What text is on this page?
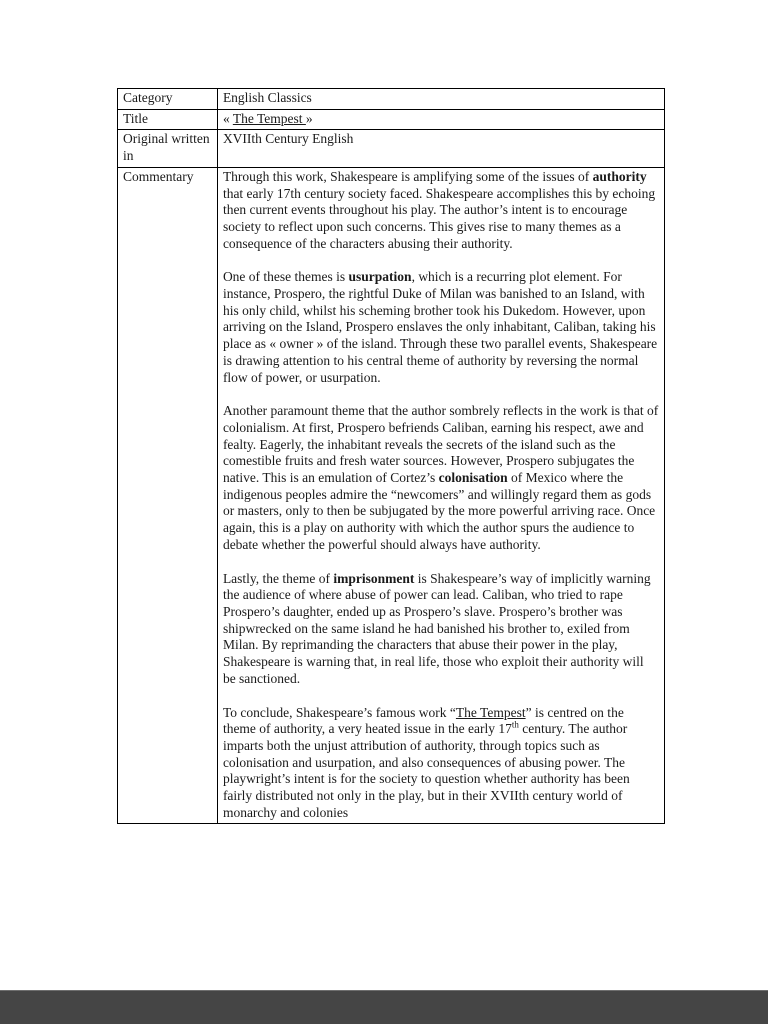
Category	English Classics
Title	« The Tempest »
Original written in	XVIIth Century English
Commentary	Through this work, Shakespeare is amplifying some of the issues of authority that early 17th century society faced. Shakespeare accomplishes this by echoing then current events throughout his play. The author’s intent is to encourage society to reflect upon such concerns. This gives rise to many themes as a consequence of the characters abusing their authority.

One of these themes is usurpation, which is a recurring plot element. For instance, Prospero, the rightful Duke of Milan was banished to an Island, with his only child, whilst his scheming brother took his Dukedom. However, upon arriving on the Island, Prospero enslaves the only inhabitant, Caliban, taking his place as « owner » of the island. Through these two parallel events, Shakespeare is drawing attention to his central theme of authority by reversing the normal flow of power, or usurpation.

Another paramount theme that the author sombrely reflects in the work is that of colonialism. At first, Prospero befriends Caliban, earning his respect, awe and fealty. Eagerly, the inhabitant reveals the secrets of the island such as the comestible fruits and fresh water sources. However, Prospero subjugates the native. This is an emulation of Cortez’s colonisation of Mexico where the indigenous peoples admire the “newcomers” and willingly regard them as gods or masters, only to then be subjugated by the more powerful arriving race. Once again, this is a play on authority with which the author spurs the audience to debate whether the powerful should always have authority.

Lastly, the theme of imprisonment is Shakespeare’s way of implicitly warning the audience of where abuse of power can lead. Caliban, who tried to rape Prospero’s daughter, ended up as Prospero’s slave. Prospero’s brother was shipwrecked on the same island he had banished his brother to, exiled from Milan. By reprimanding the characters that abuse their power in the play, Shakespeare is warning that, in real life, those who exploit their authority will be sanctioned.

To conclude, Shakespeare’s famous work “The Tempest” is centred on the theme of authority, a very heated issue in the early 17th century. The author imparts both the unjust attribution of authority, through topics such as colonisation and usurpation, and also consequences of abusing power. The playwright’s intent is for the society to question whether authority has been fairly distributed not only in the play, but in their XVIIth century world of monarchy and colonies
